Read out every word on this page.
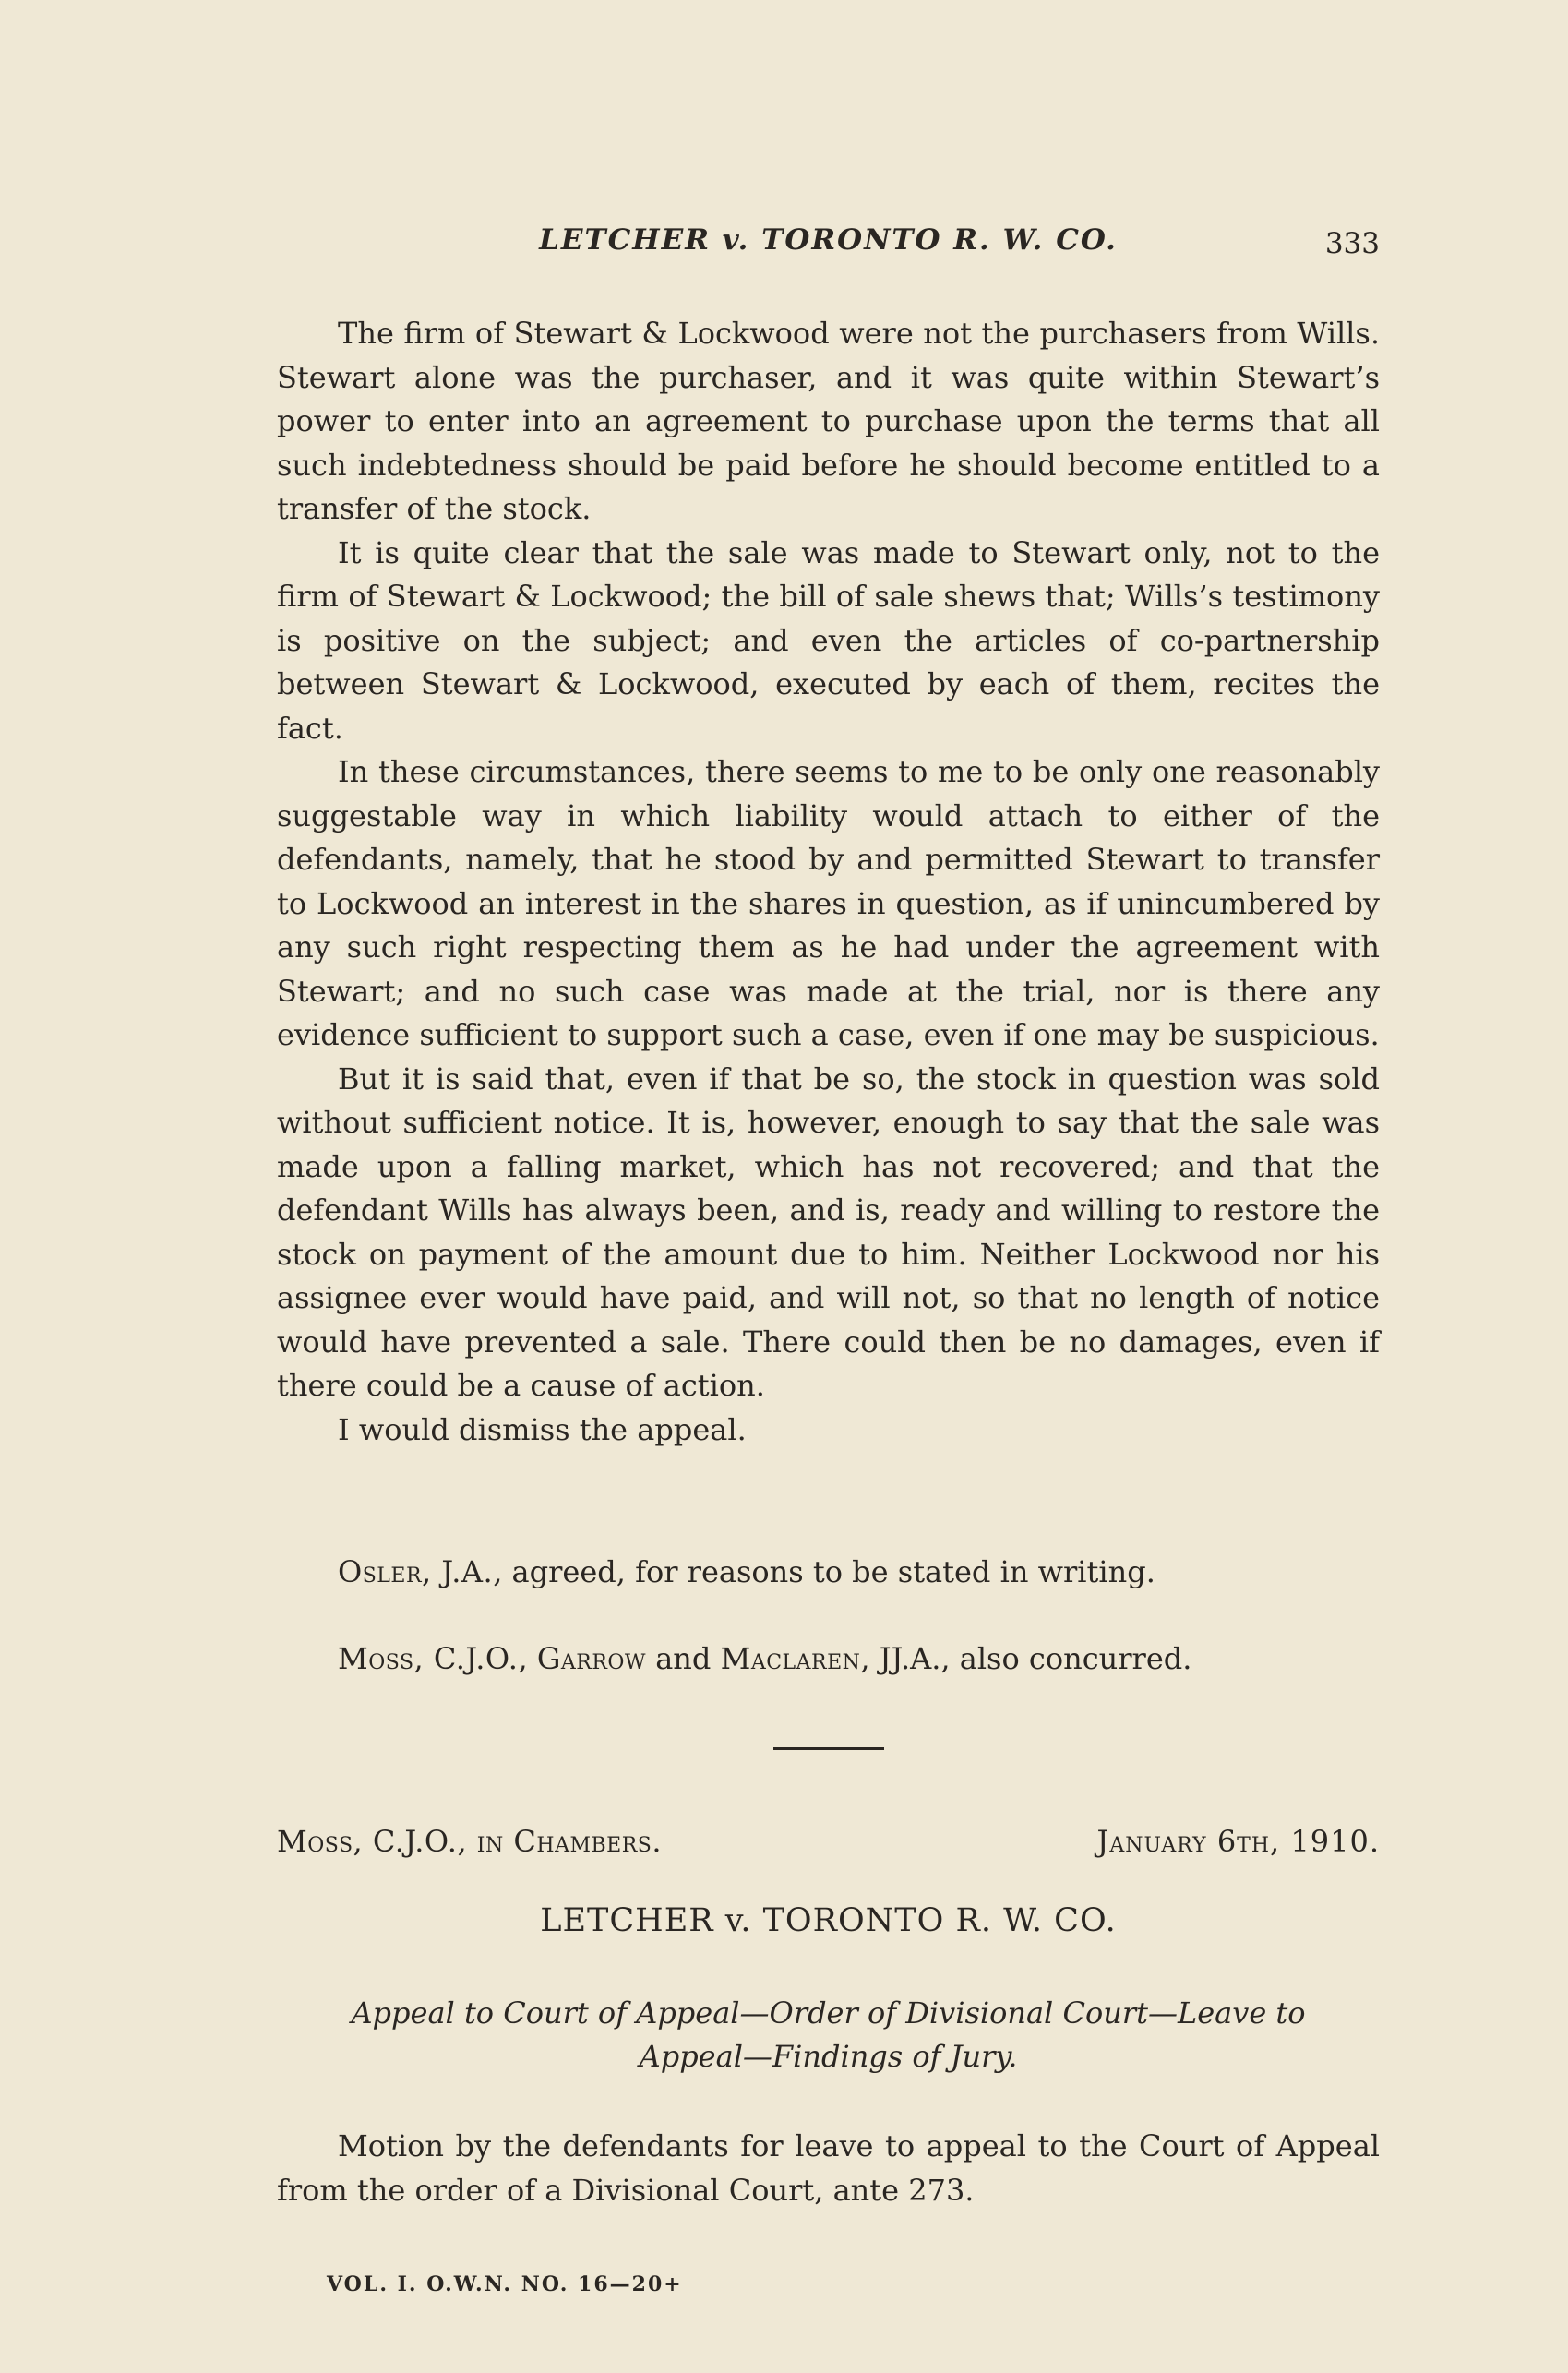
LETCHER v. TORONTO R. W. CO.	333

The firm of Stewart & Lockwood were not the purchasers from Wills. Stewart alone was the purchaser, and it was quite within Stewart’s power to enter into an agreement to purchase upon the terms that all such indebtedness should be paid before he should become entitled to a transfer of the stock.

It is quite clear that the sale was made to Stewart only, not to the firm of Stewart & Lockwood; the bill of sale shews that; Wills’s testimony is positive on the subject; and even the articles of co-partnership between Stewart & Lockwood, executed by each of them, recites the fact.

In these circumstances, there seems to me to be only one reasonably suggestable way in which liability would attach to either of the defendants, namely, that he stood by and permitted Stewart to transfer to Lockwood an interest in the shares in question, as if unincumbered by any such right respecting them as he had under the agreement with Stewart; and no such case was made at the trial, nor is there any evidence sufficient to support such a case, even if one may be suspicious.

But it is said that, even if that be so, the stock in question was sold without sufficient notice. It is, however, enough to say that the sale was made upon a falling market, which has not recovered; and that the defendant Wills has always been, and is, ready and willing to restore the stock on payment of the amount due to him. Neither Lockwood nor his assignee ever would have paid, and will not, so that no length of notice would have prevented a sale. There could then be no damages, even if there could be a cause of action.

I would dismiss the appeal.

Osler, J.A., agreed, for reasons to be stated in writing.
Moss, C.J.O., Garrow and Maclaren, JJ.A., also concurred.
Moss, C.J.O., in Chambers.	January 6th, 1910.
LETCHER v. TORONTO R. W. CO.
Appeal to Court of Appeal—Order of Divisional Court—Leave to
Appeal—Findings of Jury.

Motion by the defendants for leave to appeal to the Court of Appeal from the order of a Divisional Court, ante 273.

VOL. I. O.W.N. NO. 16—20+
